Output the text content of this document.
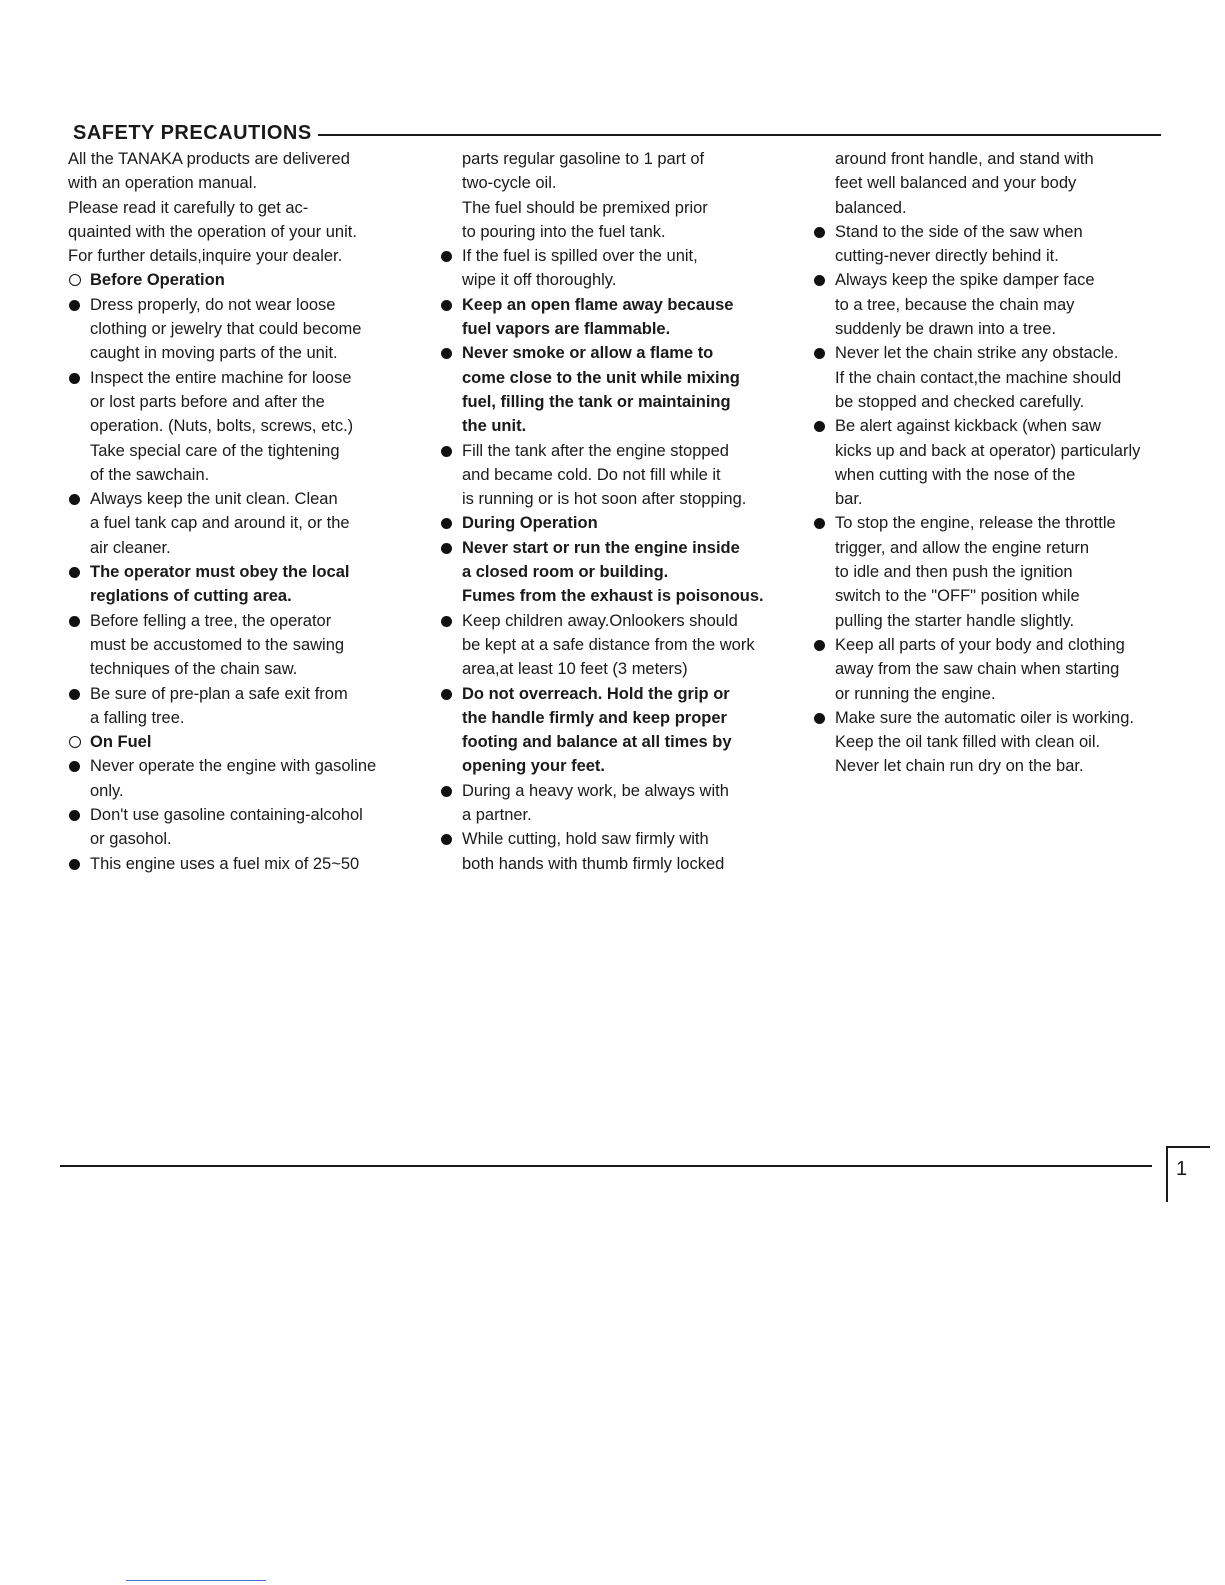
SAFETY PRECAUTIONS
All the TANAKA products are delivered
with an operation manual.
Please read it carefully to get ac-
quainted with the operation of your unit.
For further details,inquire your dealer.
Before Operation
Dress properly, do not wear loose
clothing or jewelry that could become
caught in moving parts of the unit.
Inspect the entire machine for loose
or lost parts before and after the
operation. (Nuts, bolts, screws, etc.)
Take special care of the tightening
of the sawchain.
Always keep the unit clean. Clean
a fuel tank cap and around it, or the
air cleaner.
The operator must obey the local
reglations of cutting area.
Before felling a tree, the operator
must be accustomed to the sawing
techniques of the chain saw.
Be sure of pre-plan a safe exit from
a falling tree.
On Fuel
Never operate the engine with gasoline
only.
Don't use gasoline containing-alcohol
or gasohol.
This engine uses a fuel mix of 25~50
parts regular gasoline to 1 part of
two-cycle oil.
The fuel should be premixed prior
to pouring into the fuel tank.
If the fuel is spilled over the unit,
wipe it off thoroughly.
Keep an open flame away because
fuel vapors are flammable.
Never smoke or allow a flame to
come close to the unit while mixing
fuel, filling the tank or maintaining
the unit.
Fill the tank after the engine stopped
and became cold. Do not fill while it
is running or is hot soon after stopping.
During Operation
Never start or run the engine inside
a closed room or building.
Fumes from the exhaust is poisonous.
Keep children away.Onlookers should
be kept at a safe distance from the work
area,at least 10 feet (3 meters)
Do not overreach. Hold the grip or
the handle firmly and keep proper
footing and balance at all times by
opening your feet.
During a heavy work, be always with
a partner.
While cutting, hold saw firmly with
both hands with thumb firmly locked
around front handle, and stand with
feet well balanced and your body
balanced.
Stand to the side of the saw when
cutting-never directly behind it.
Always keep the spike damper face
to a tree, because the chain may
suddenly be drawn into a tree.
Never let the chain strike any obstacle.
If the chain contact,the machine should
be stopped and checked carefully.
Be alert against kickback (when saw
kicks up and back at operator) particularly
when cutting with the nose of the
bar.
To stop the engine, release the throttle
trigger, and allow the engine return
to idle and then push the ignition
switch to the "OFF" position while
pulling the starter handle slightly.
Keep all parts of your body and clothing
away from the saw chain when starting
or running the engine.
Make sure the automatic oiler is working.
Keep the oil tank filled with clean oil.
Never let chain run dry on the bar.
1
